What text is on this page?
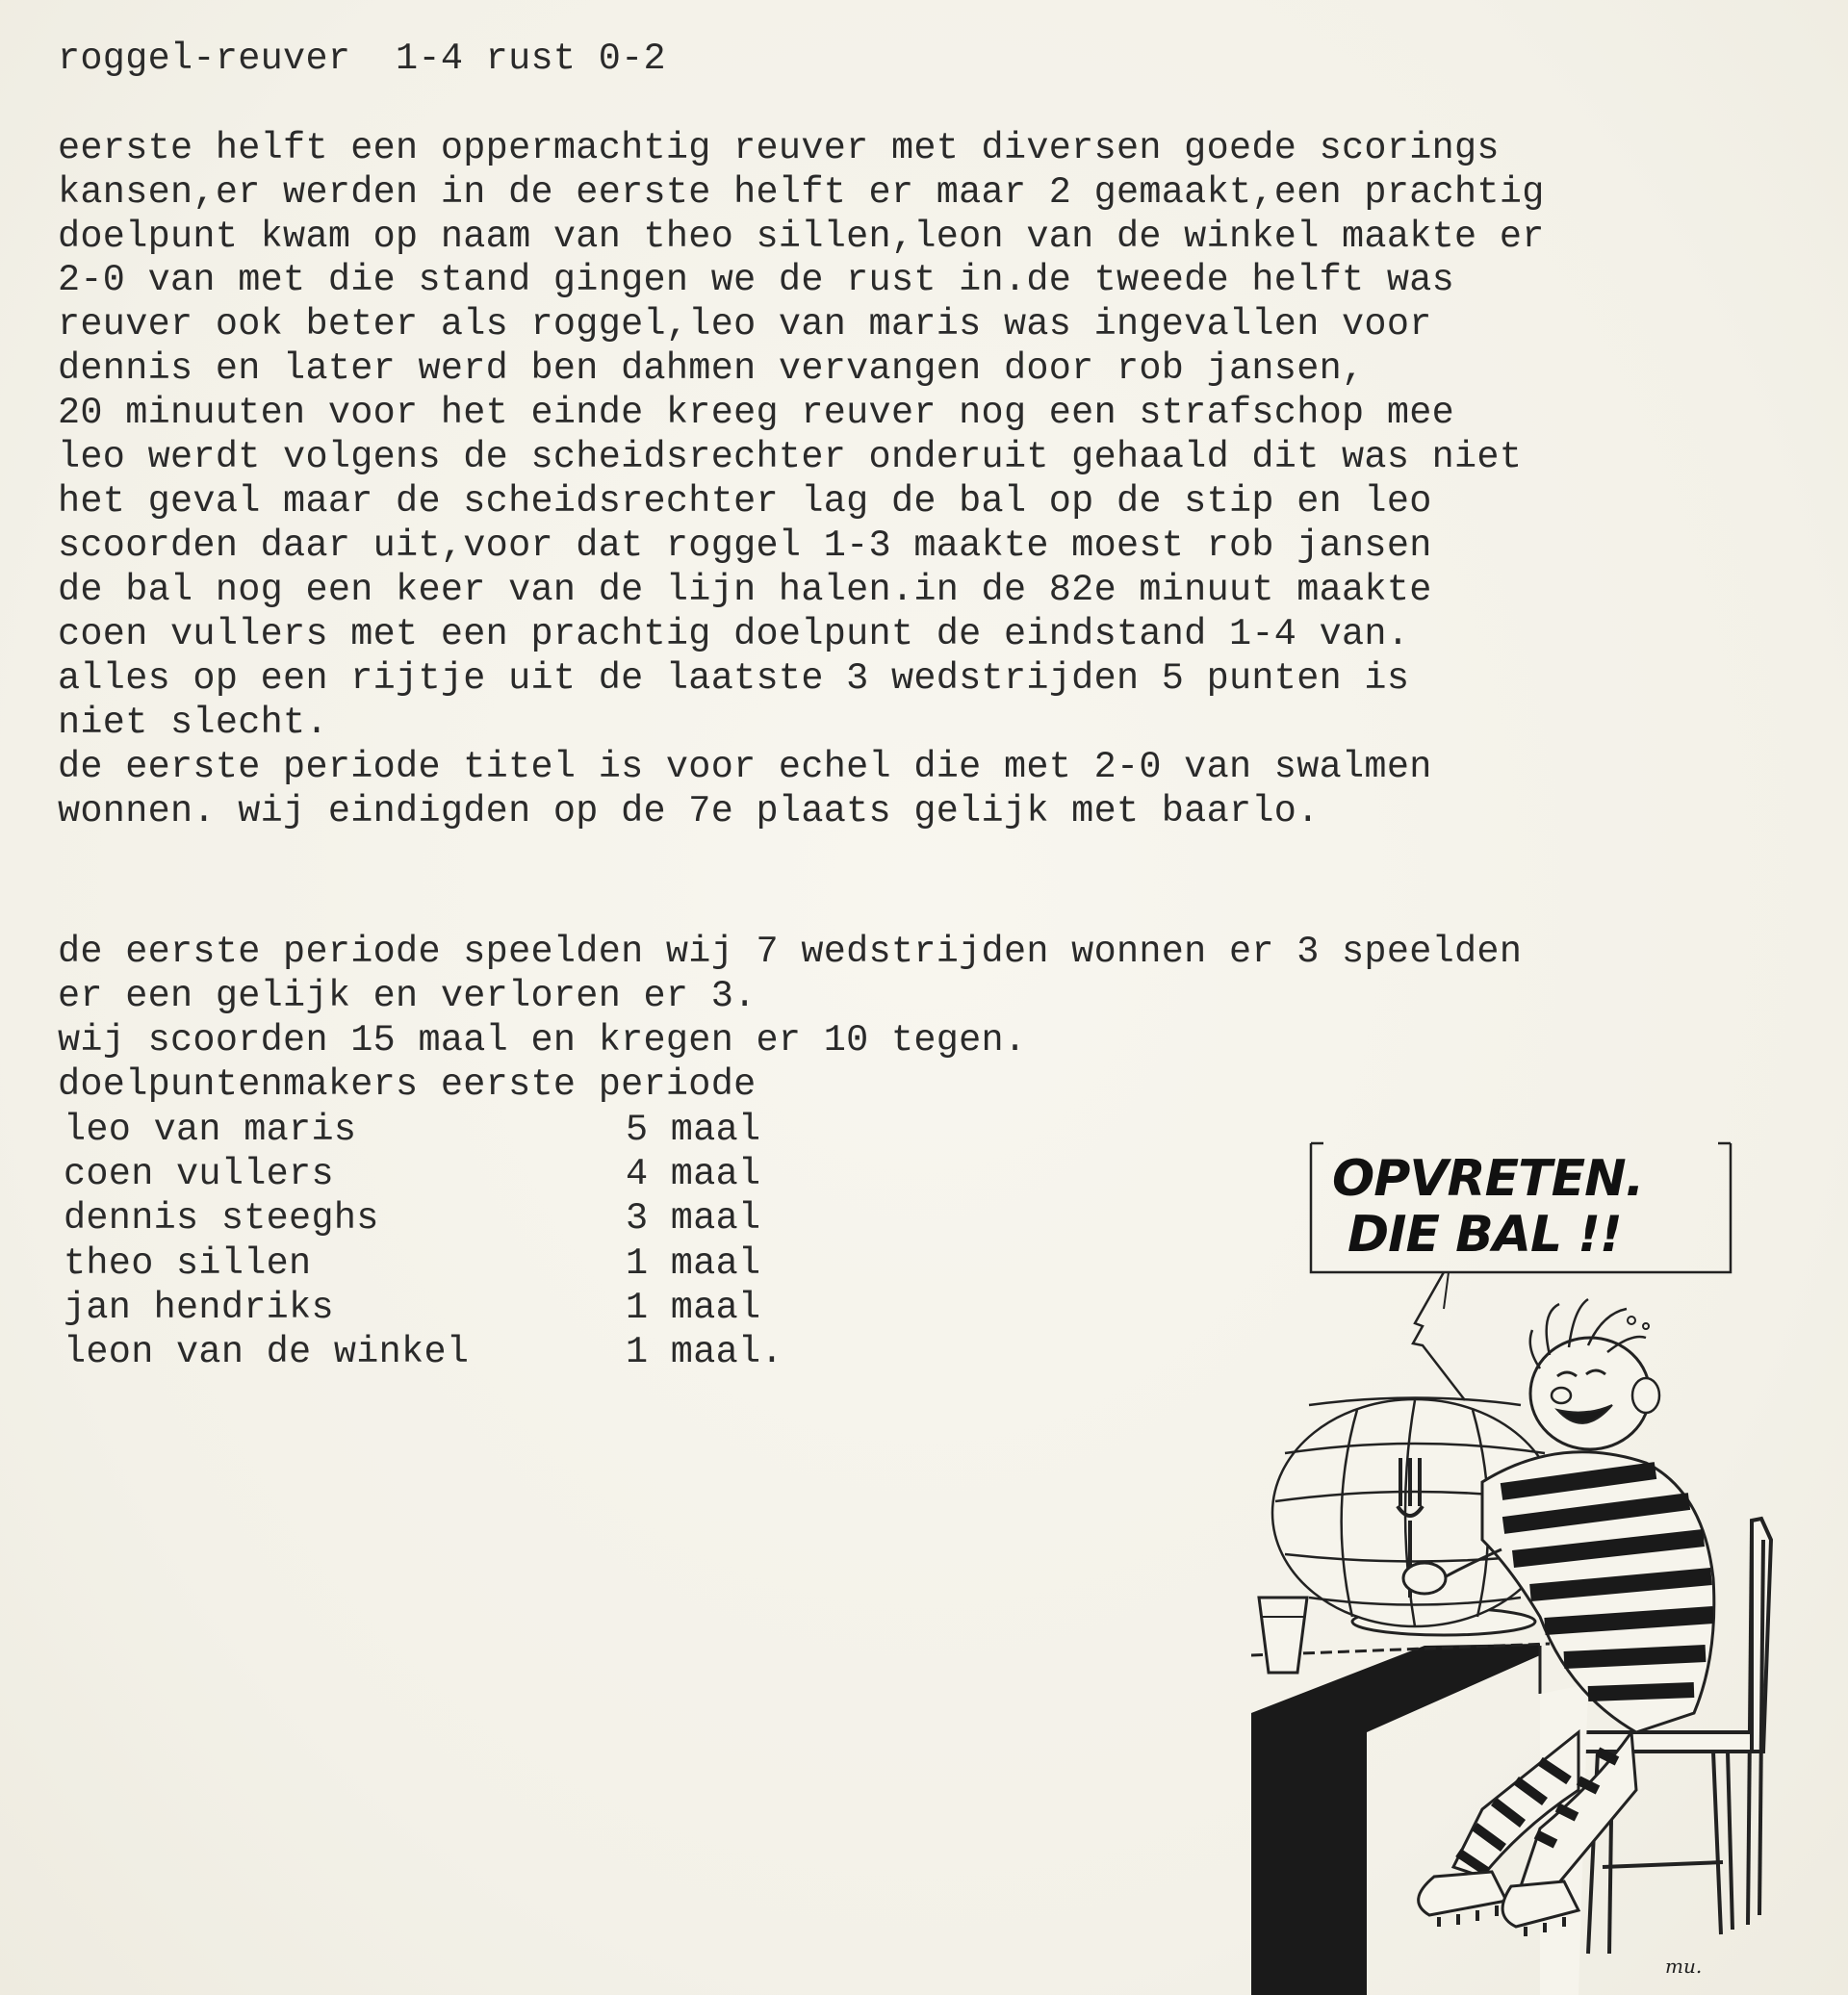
roggel-reuver  1-4 rust 0-2

eerste helft een oppermachtig reuver met diversen goede scorings

kansen,er werden in de eerste helft er maar 2 gemaakt,een prachtig

doelpunt kwam op naam van theo sillen,leon van de winkel maakte er

2-0 van met die stand gingen we de rust in.de tweede helft was

reuver ook beter als roggel,leo van maris was ingevallen voor

dennis en later werd ben dahmen vervangen door rob jansen,

20 minuuten voor het einde kreeg reuver nog een strafschop mee

leo werdt volgens de scheidsrechter onderuit gehaald dit was niet

het geval maar de scheidsrechter lag de bal op de stip en leo

scoorden daar uit,voor dat roggel 1-3 maakte moest rob jansen

de bal nog een keer van de lijn halen.in de 82e minuut maakte

coen vullers met een prachtig doelpunt de eindstand 1-4 van.

alles op een rijtje uit de laatste 3 wedstrijden 5 punten is

niet slecht.

de eerste periode titel is voor echel die met 2-0 van swalmen

wonnen. wij eindigden op de 7e plaats gelijk met baarlo.

de eerste periode speelden wij 7 wedstrijden wonnen er 3 speelden

er een gelijk en verloren er 3.

wij scoorden 15 maal en kregen er 10 tegen.

doelpuntenmakers eerste periode

leo van maris	5 maal
coen vullers	4 maal
dennis steeghs	3 maal
theo sillen	1 maal
jan hendriks	1 maal
leon van de winkel	1 maal.
OPVRETEN.
DIE BAL !!
mu.
